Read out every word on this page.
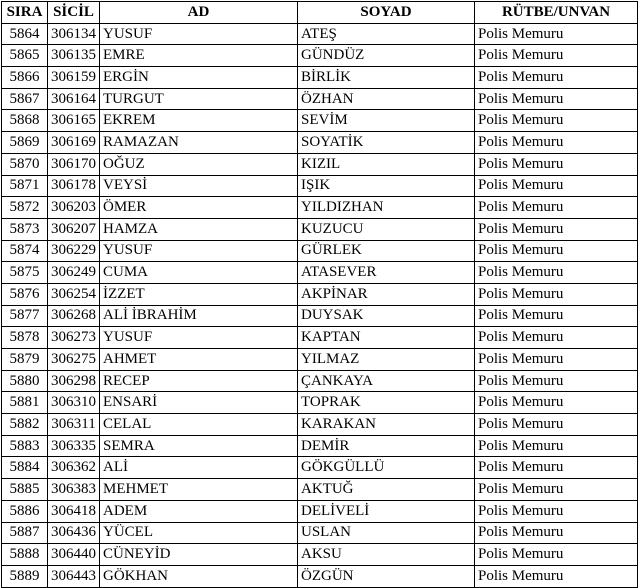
SIRA	SİCİL	AD	SOYAD	RÜTBE/UNVAN
5864	306134	YUSUF	ATEŞ	Polis Memuru
5865	306135	EMRE	GÜNDÜZ	Polis Memuru
5866	306159	ERGİN	BİRLİK	Polis Memuru
5867	306164	TURGUT	ÖZHAN	Polis Memuru
5868	306165	EKREM	SEVİM	Polis Memuru
5869	306169	RAMAZAN	SOYATİK	Polis Memuru
5870	306170	OĞUZ	KIZIL	Polis Memuru
5871	306178	VEYSİ	IŞIK	Polis Memuru
5872	306203	ÖMER	YILDIZHAN	Polis Memuru
5873	306207	HAMZA	KUZUCU	Polis Memuru
5874	306229	YUSUF	GÜRLEK	Polis Memuru
5875	306249	CUMA	ATASEVER	Polis Memuru
5876	306254	İZZET	AKPİNAR	Polis Memuru
5877	306268	ALİ İBRAHİM	DUYSAK	Polis Memuru
5878	306273	YUSUF	KAPTAN	Polis Memuru
5879	306275	AHMET	YILMAZ	Polis Memuru
5880	306298	RECEP	ÇANKAYA	Polis Memuru
5881	306310	ENSARİ	TOPRAK	Polis Memuru
5882	306311	CELAL	KARAKAN	Polis Memuru
5883	306335	SEMRA	DEMİR	Polis Memuru
5884	306362	ALİ	GÖKGÜLLÜ	Polis Memuru
5885	306383	MEHMET	AKTUĞ	Polis Memuru
5886	306418	ADEM	DELİVELİ	Polis Memuru
5887	306436	YÜCEL	USLAN	Polis Memuru
5888	306440	CÜNEYİD	AKSU	Polis Memuru
5889	306443	GÖKHAN	ÖZGÜN	Polis Memuru
